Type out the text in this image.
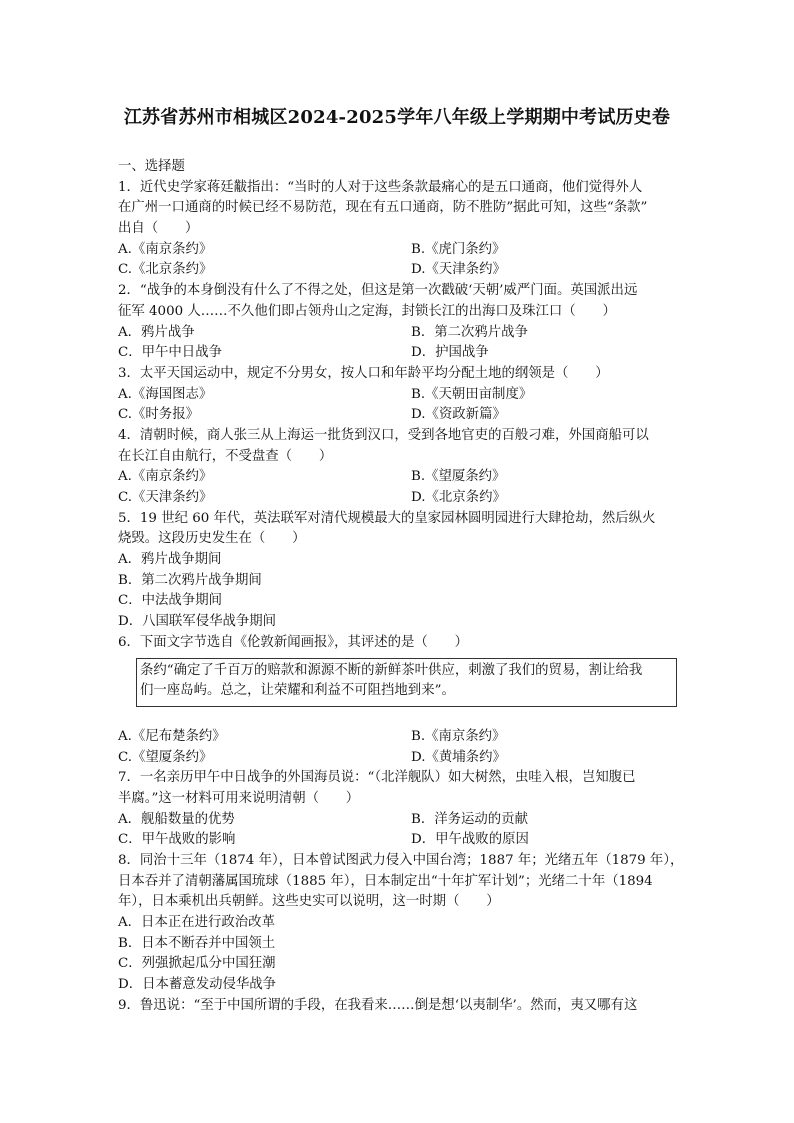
江苏省苏州市相城区2024-2025学年八年级上学期期中考试历史卷
一、选择题
1．近代史学家蒋廷黻指出：“当时的人对于这些条款最痛心的是五口通商，他们觉得外人
在广州一口通商的时候已经不易防范，现在有五口通商，防不胜防”据此可知，这些“条款”
出自（　　）
A.《南京条约》	B.《虎门条约》
C.《北京条约》	D.《天津条约》
2．“战争的本身倒没有什么了不得之处，但这是第一次戳破‘天朝’威严门面。英国派出远
征军 4000 人……不久他们即占领舟山之定海，封锁长江的出海口及珠江口（　　）
A．鸦片战争	B．第二次鸦片战争
C．甲午中日战争	D．护国战争
3．太平天国运动中，规定不分男女，按人口和年龄平均分配土地的纲领是（　　）
A.《海国图志》	B.《天朝田亩制度》
C.《时务报》	D.《资政新篇》
4．清朝时候，商人张三从上海运一批货到汉口，受到各地官吏的百般刁难，外国商船可以
在长江自由航行，不受盘查（　　）
A.《南京条约》	B.《望厦条约》
C.《天津条约》	D.《北京条约》
5．19 世纪 60 年代，英法联军对清代规模最大的皇家园林圆明园进行大肆抢劫，然后纵火
烧毁。这段历史发生在（　　）
A．鸦片战争期间
B．第二次鸦片战争期间
C．中法战争期间
D．八国联军侵华战争期间
6．下面文字节选自《伦敦新闻画报》，其评述的是（　　）
条约“确定了千百万的赔款和源源不断的新鲜茶叶供应，刺激了我们的贸易，割让给我
们一座岛屿。总之，让荣耀和利益不可阻挡地到来”。
A.《尼布楚条约》	B.《南京条约》
C.《望厦条约》	D.《黄埔条约》
7．一名亲历甲午中日战争的外国海员说：“（北洋舰队）如大树然，虫哇入根，岂知腹已
半腐。”这一材料可用来说明清朝（　　）
A．舰船数量的优势	B．洋务运动的贡献
C．甲午战败的影响	D．甲午战败的原因
8．同治十三年（1874 年），日本曾试图武力侵入中国台湾；1887 年；光绪五年（1879 年），
日本吞并了清朝藩属国琉球（1885 年），日本制定出“十年扩军计划”；光绪二十年（1894
年），日本乘机出兵朝鲜。这些史实可以说明，这一时期（　　）
A．日本正在进行政治改革
B．日本不断吞并中国领土
C．列强掀起瓜分中国狂潮
D．日本蓄意发动侵华战争
9．鲁迅说：“至于中国所谓的手段，在我看来……倒是想‘以夷制华’。然而，夷又哪有这
